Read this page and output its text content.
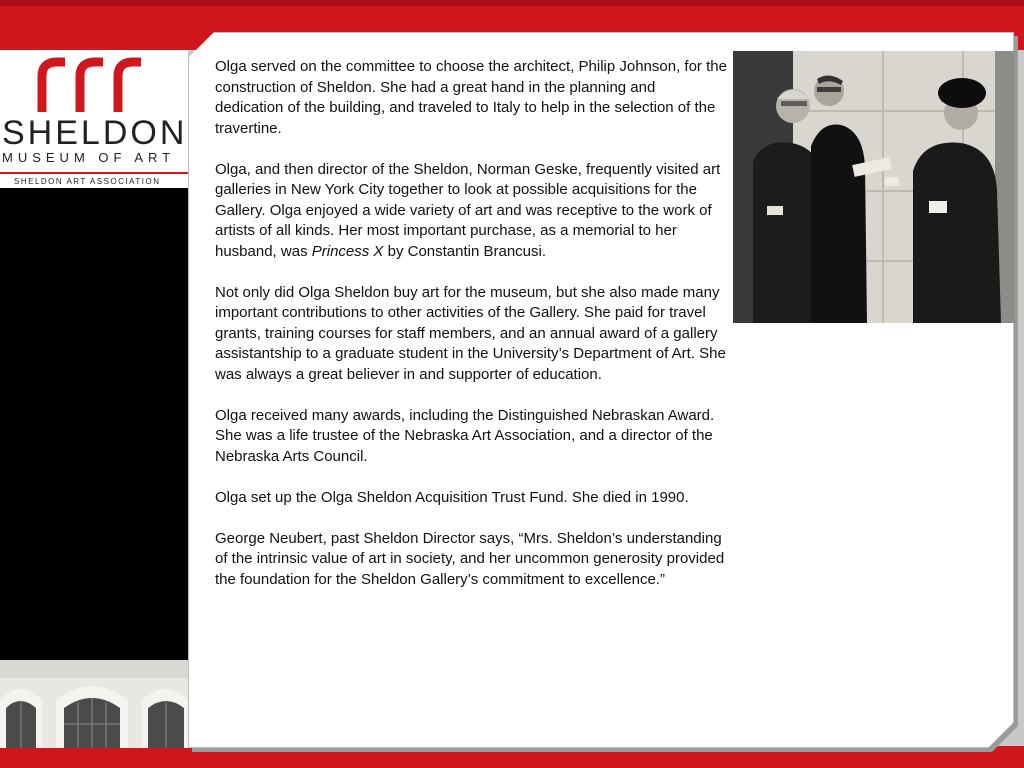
SHELDON
MUSEUM OF ART
SHELDON ART ASSOCIATION

Olga served on the committee to choose the architect, Philip Johnson, for the construction of Sheldon. She had a great hand in the planning and dedication of the building, and traveled to Italy to help in the selection of the travertine.

Olga, and then director of the Sheldon, Norman Geske, frequently visited art galleries in New York City together to look at possible acquisitions for the Gallery. Olga enjoyed a wide variety of art and was receptive to the work of artists of all kinds. Her most important purchase, as a memorial to her husband, was Princess X by Constantin Brancusi.

Not only did Olga Sheldon buy art for the museum, but she also made many important contributions to other activities of the Gallery. She paid for travel grants, training courses for staff members, and an annual award of a gallery assistantship to a graduate student in the University’s Department of Art. She was always a great believer in and supporter of education.

Olga received many awards, including the Distinguished Nebraskan Award. She was a life trustee of the Nebraska Art Association, and a director of the Nebraska Arts Council.

Olga set up the Olga Sheldon Acquisition Trust Fund. She died in 1990.

George Neubert, past Sheldon Director says, “Mrs. Sheldon’s understanding of the intrinsic value of art in society, and her uncommon generosity provided the foundation for the Sheldon Gallery’s commitment to excellence.”
